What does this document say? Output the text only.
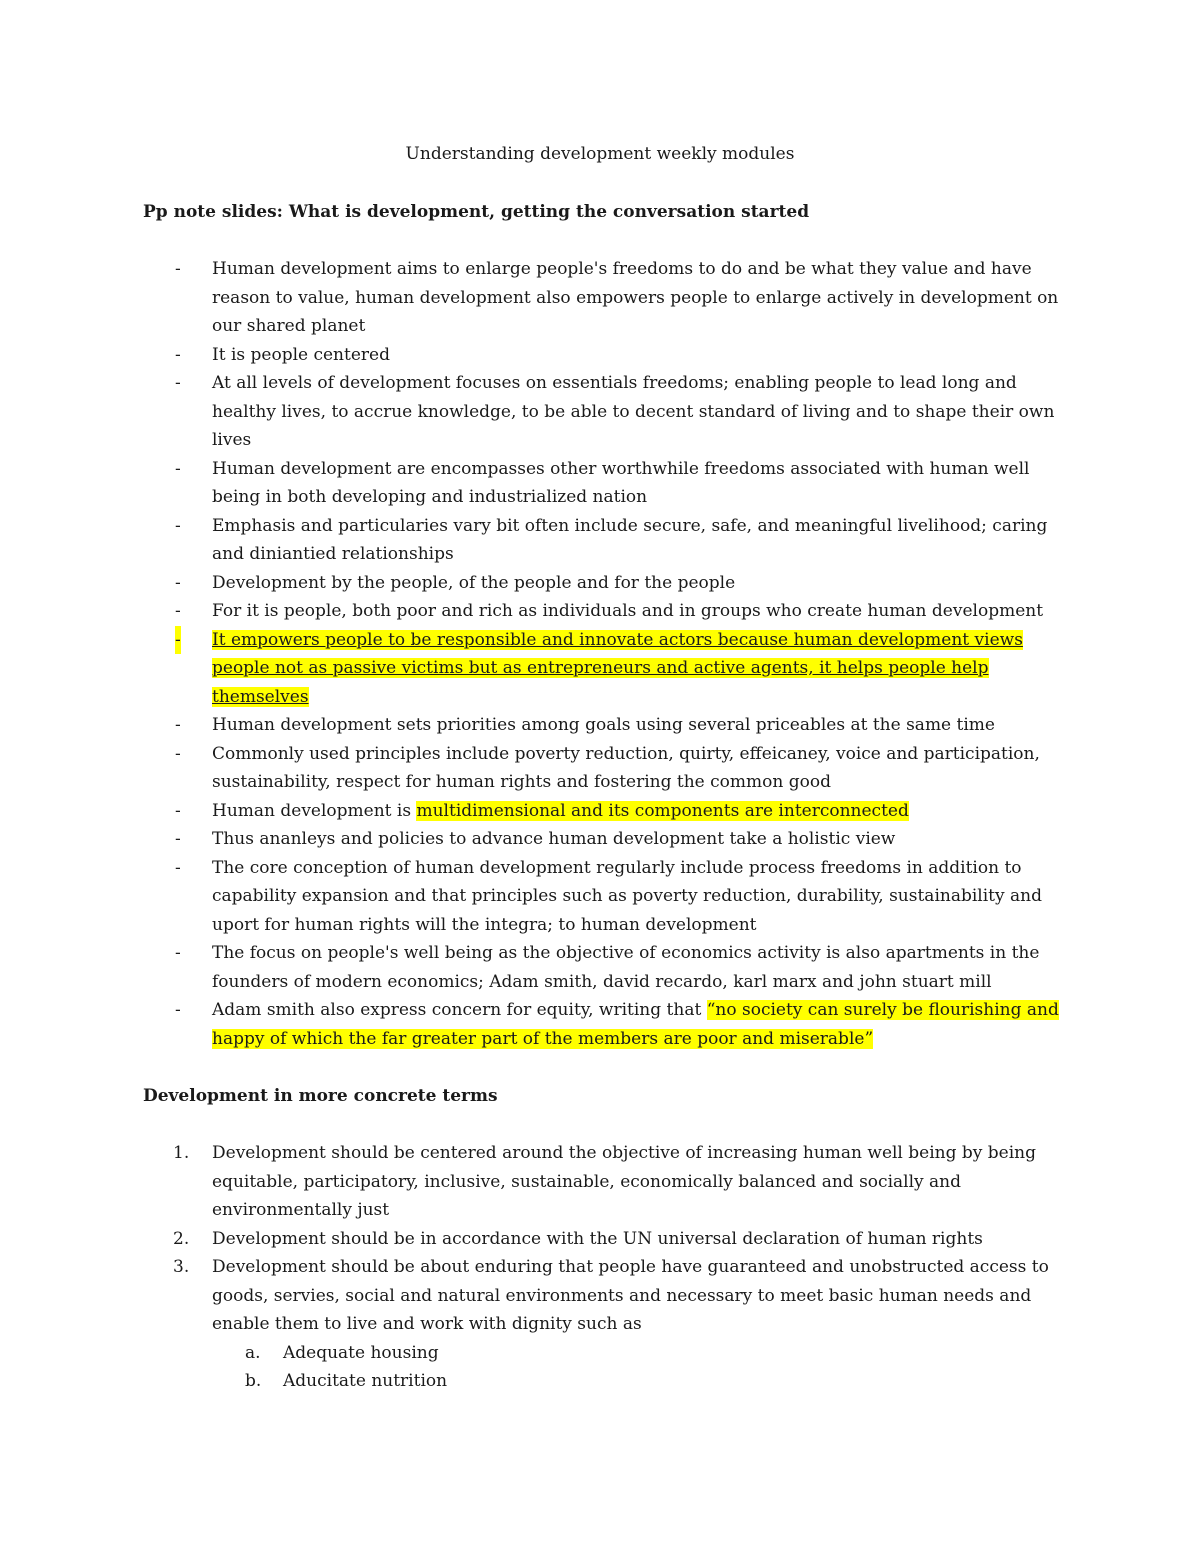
Understanding development weekly modules
Pp note slides: What is development, getting the conversation started
- Human development aims to enlarge people's freedoms to do and be what they value and have reason to value, human development also empowers people to enlarge actively in development on our shared planet
- It is people centered
- At all levels of development focuses on essentials freedoms; enabling people to lead long and healthy lives, to accrue knowledge, to be able to decent standard of living and to shape their own lives
- Human development are encompasses other worthwhile freedoms associated with human well being in both developing and industrialized nation
- Emphasis and particularies vary bit often include secure, safe, and meaningful livelihood; caring and diniantied relationships
- Development by the people, of the people and for the people
- For it is people, both poor and rich as individuals and in groups who create human development
- It empowers people to be responsible and innovate actors because human development views people not as passive victims but as entrepreneurs and active agents, it helps people help themselves
- Human development sets priorities among goals using several priceables at the same time
- Commonly used principles include poverty reduction, quirty, effeicaney, voice and participation, sustainability, respect for human rights and fostering the common good
- Human development is multidimensional and its components are interconnected
- Thus ananleys and policies to advance human development take a holistic view
- The core conception of human development regularly include process freedoms in addition to capability expansion and that principles such as poverty reduction, durability, sustainability and uport for human rights will the integra; to human development
- The focus on people's well being as the objective of economics activity is also apartments in the founders of modern economics; Adam smith, david recardo, karl marx and john stuart mill
- Adam smith also express concern for equity, writing that “no society can surely be flourishing and happy of which the far greater part of the members are poor and miserable”
Development in more concrete terms
1. Development should be centered around the objective of increasing human well being by being equitable, participatory, inclusive, sustainable, economically balanced and socially and environmentally just
2. Development should be in accordance with the UN universal declaration of human rights
3. Development should be about enduring that people have guaranteed and unobstructed access to goods, servies, social and natural environments and necessary to meet basic human needs and enable them to live and work with dignity such as
a. Adequate housing
b. Aducitate nutrition
